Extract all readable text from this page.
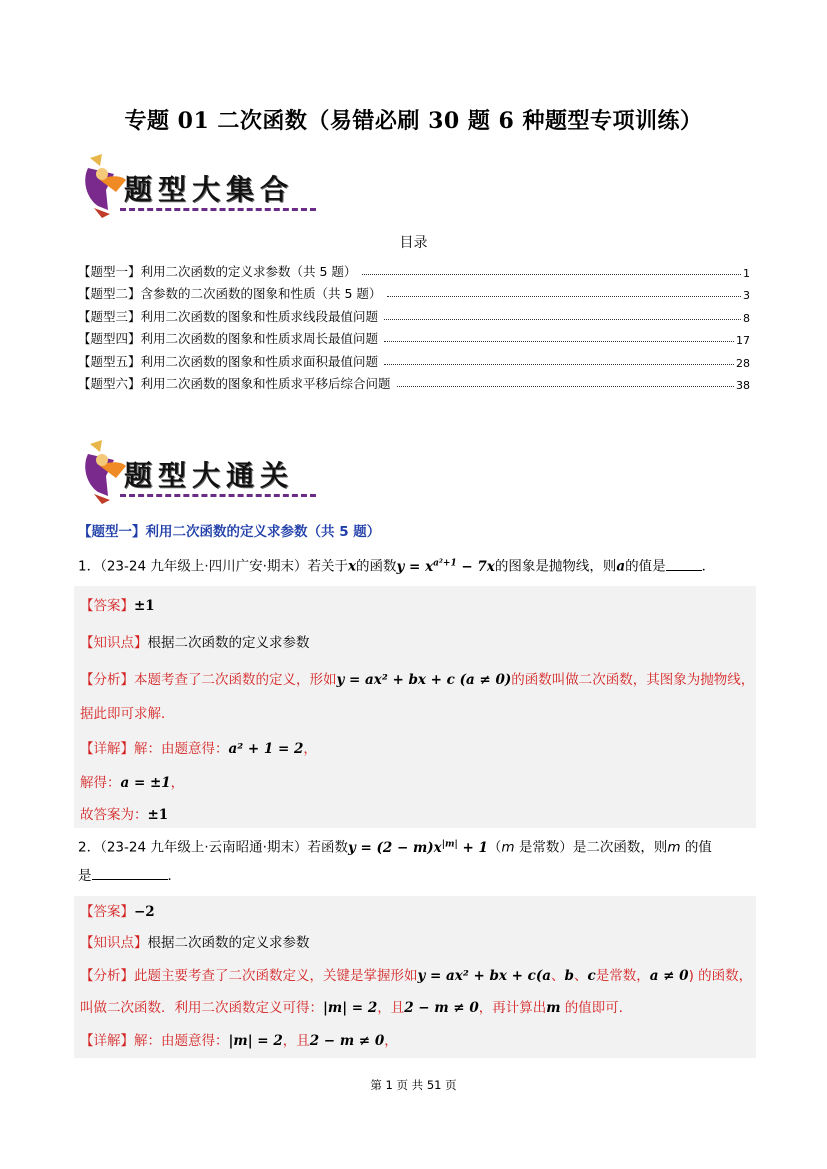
专题 01 二次函数（易错必刷 30 题 6 种题型专项训练）
题型大集合
目录
【题型一】利用二次函数的定义求参数（共 5 题）	1
【题型二】含参数的二次函数的图象和性质（共 5 题）	3
【题型三】利用二次函数的图象和性质求线段最值问题	8
【题型四】利用二次函数的图象和性质求周长最值问题	17
【题型五】利用二次函数的图象和性质求面积最值问题	28
【题型六】利用二次函数的图象和性质求平移后综合问题	38
题型大通关
【题型一】利用二次函数的定义求参数（共 5 题）
1．（23-24 九年级上·四川广安·期末）若关于x的函数$y = x^{a^2+1} - 7x$的图象是抛物线，则a的值是	．
【答案】±1
【知识点】根据二次函数的定义求参数
【分析】本题考查了二次函数的定义，形如y = ax² + bx + c (a ≠ 0)的函数叫做二次函数，其图象为抛物线，
据此即可求解．
【详解】解：由题意得：a² + 1 = 2，
解得：a = ±1，
故答案为：±1
2．（23-24 九年级上·云南昭通·期末）若函数$y = (2 - m)x^{|m|} + 1(m$ 是常数）是二次函数，则m 的值
是	．
【答案】−2
【知识点】根据二次函数的定义求参数
【分析】此题主要考查了二次函数定义，关键是掌握形如y = ax² + bx + c(a、b、c是常数，a ≠ 0) 的函数，
叫做二次函数．利用二次函数定义可得：|m| = 2，且2 − m ≠ 0，再计算出m 的值即可．
【详解】解：由题意得：|m| = 2，且2 − m ≠ 0，
第 1 页 共 51 页
